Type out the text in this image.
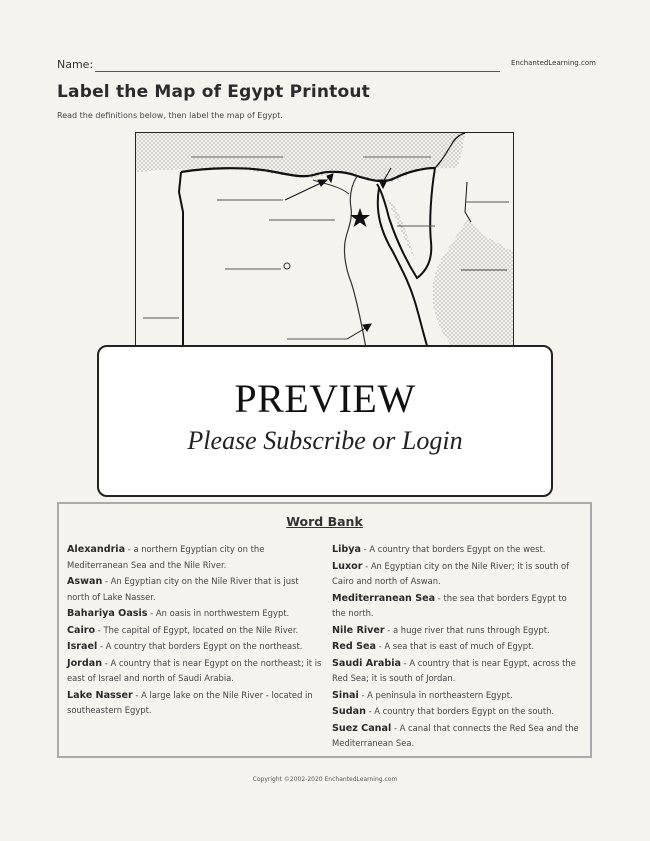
Name:	EnchantedLearning.com
Label the Map of Egypt Printout
Read the definitions below, then label the map of Egypt.
PREVIEW
Please Subscribe or Login
Word Bank
Alexandria - a northern Egyptian city on the Mediterranean Sea and the Nile River.
Aswan - An Egyptian city on the Nile River that is just north of Lake Nasser.
Bahariya Oasis - An oasis in northwestern Egypt.
Cairo - The capital of Egypt, located on the Nile River.
Israel - A country that borders Egypt on the northeast.
Jordan - A country that is near Egypt on the northeast; it is east of Israel and north of Saudi Arabia.
Lake Nasser - A large lake on the Nile River - located in southeastern Egypt.
Libya - A country that borders Egypt on the west.
Luxor - An Egyptian city on the Nile River; it is south of Cairo and north of Aswan.
Mediterranean Sea - the sea that borders Egypt to the north.
Nile River - a huge river that runs through Egypt.
Red Sea - A sea that is east of much of Egypt.
Saudi Arabia - A country that is near Egypt, across the Red Sea; it is south of Jordan.
Sinai - A peninsula in northeastern Egypt.
Sudan - A country that borders Egypt on the south.
Suez Canal - A canal that connects the Red Sea and the Mediterranean Sea.
Copyright ©2002-2020 EnchantedLearning.com
